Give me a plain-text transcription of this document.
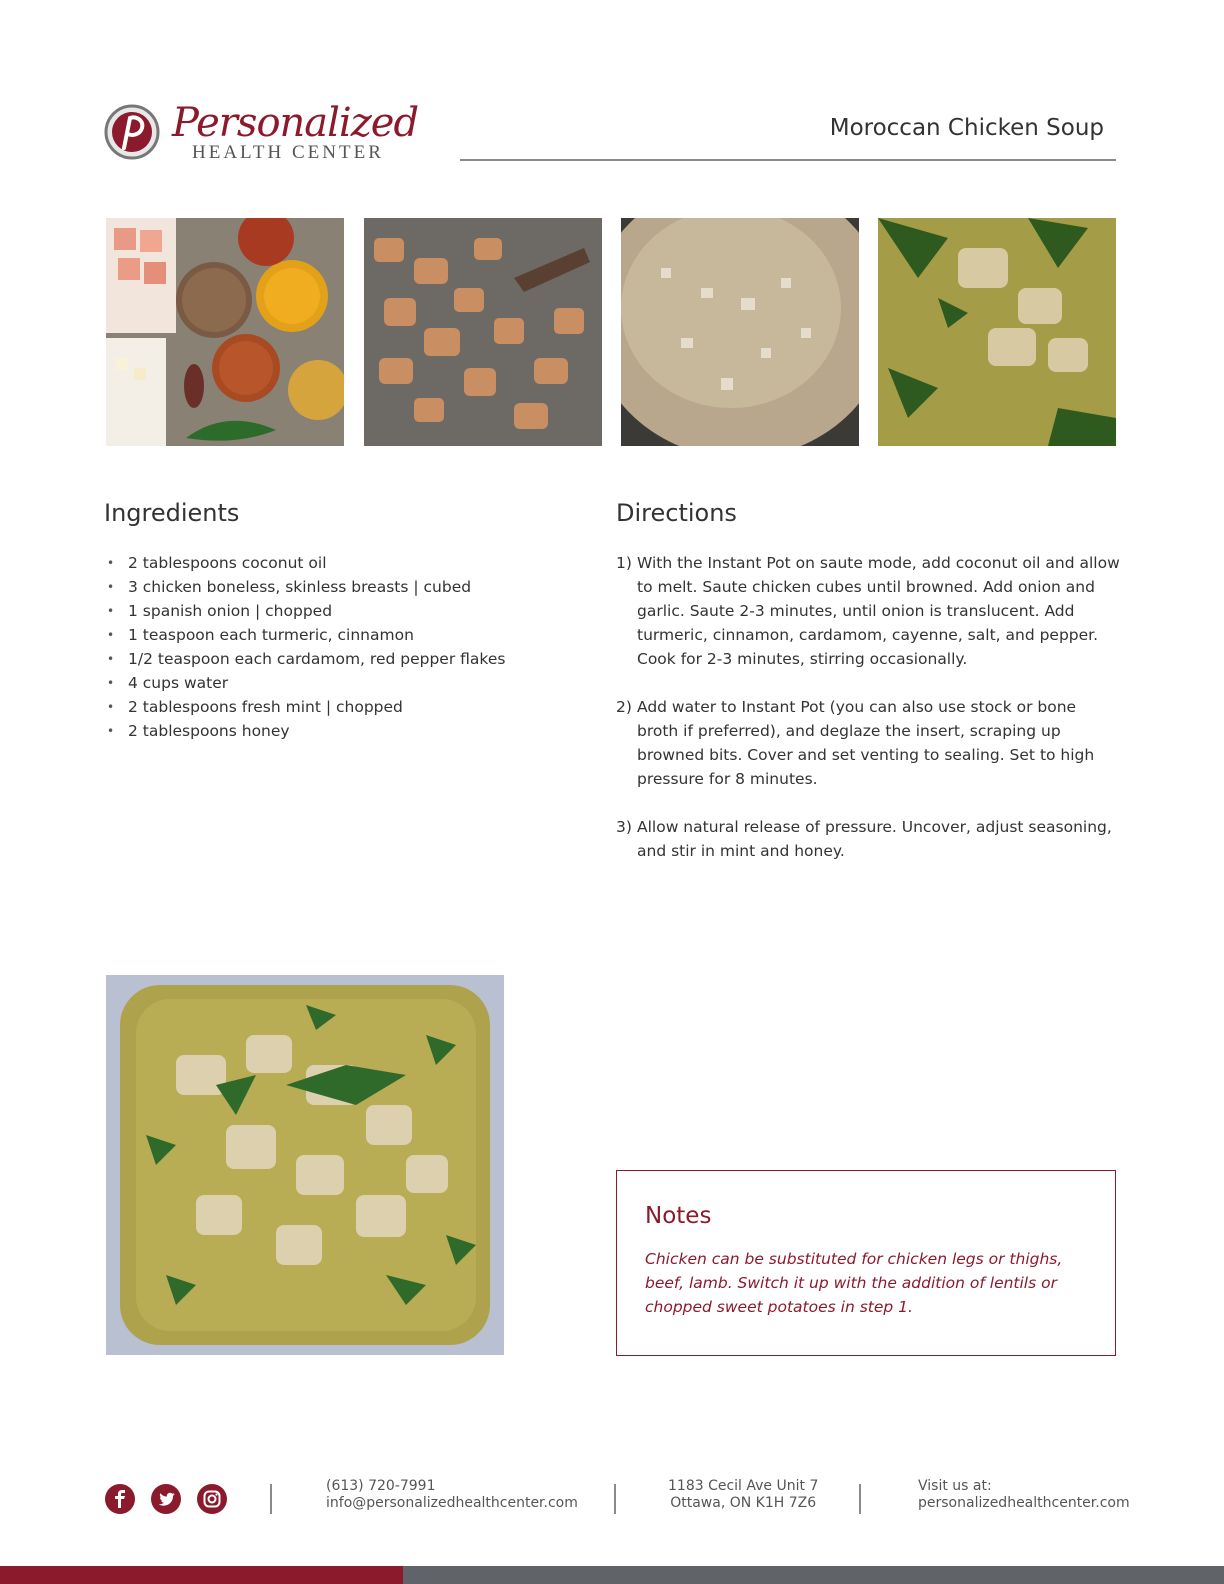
Personalized
HEALTH CENTER
Moroccan Chicken Soup
Ingredients
• 2 tablespoons coconut oil
• 3 chicken boneless, skinless breasts | cubed
• 1 spanish onion | chopped
• 1 teaspoon each turmeric, cinnamon
• 1/2 teaspoon each cardamom, red pepper flakes
• 4 cups water
• 2 tablespoons fresh mint | chopped
• 2 tablespoons honey
Directions
1) With the Instant Pot on saute mode, add coconut oil and allow to melt. Saute chicken cubes until browned. Add onion and garlic. Saute 2-3 minutes, until onion is translucent. Add turmeric, cinnamon, cardamom, cayenne, salt, and pepper. Cook for 2-3 minutes, stirring occasionally.
2) Add water to Instant Pot (you can also use stock or bone broth if preferred), and deglaze the insert, scraping up browned bits. Cover and set venting to sealing. Set to high pressure for 8 minutes.
3) Allow natural release of pressure. Uncover, adjust seasoning, and stir in mint and honey.
Notes
Chicken can be substituted for chicken legs or thighs, beef, lamb. Switch it up with the addition of lentils or chopped sweet potatoes in step 1.
(613) 720-7991
info@personalizedhealthcenter.com
1183 Cecil Ave Unit 7
Ottawa, ON K1H 7Z6
Visit us at:
personalizedhealthcenter.com
